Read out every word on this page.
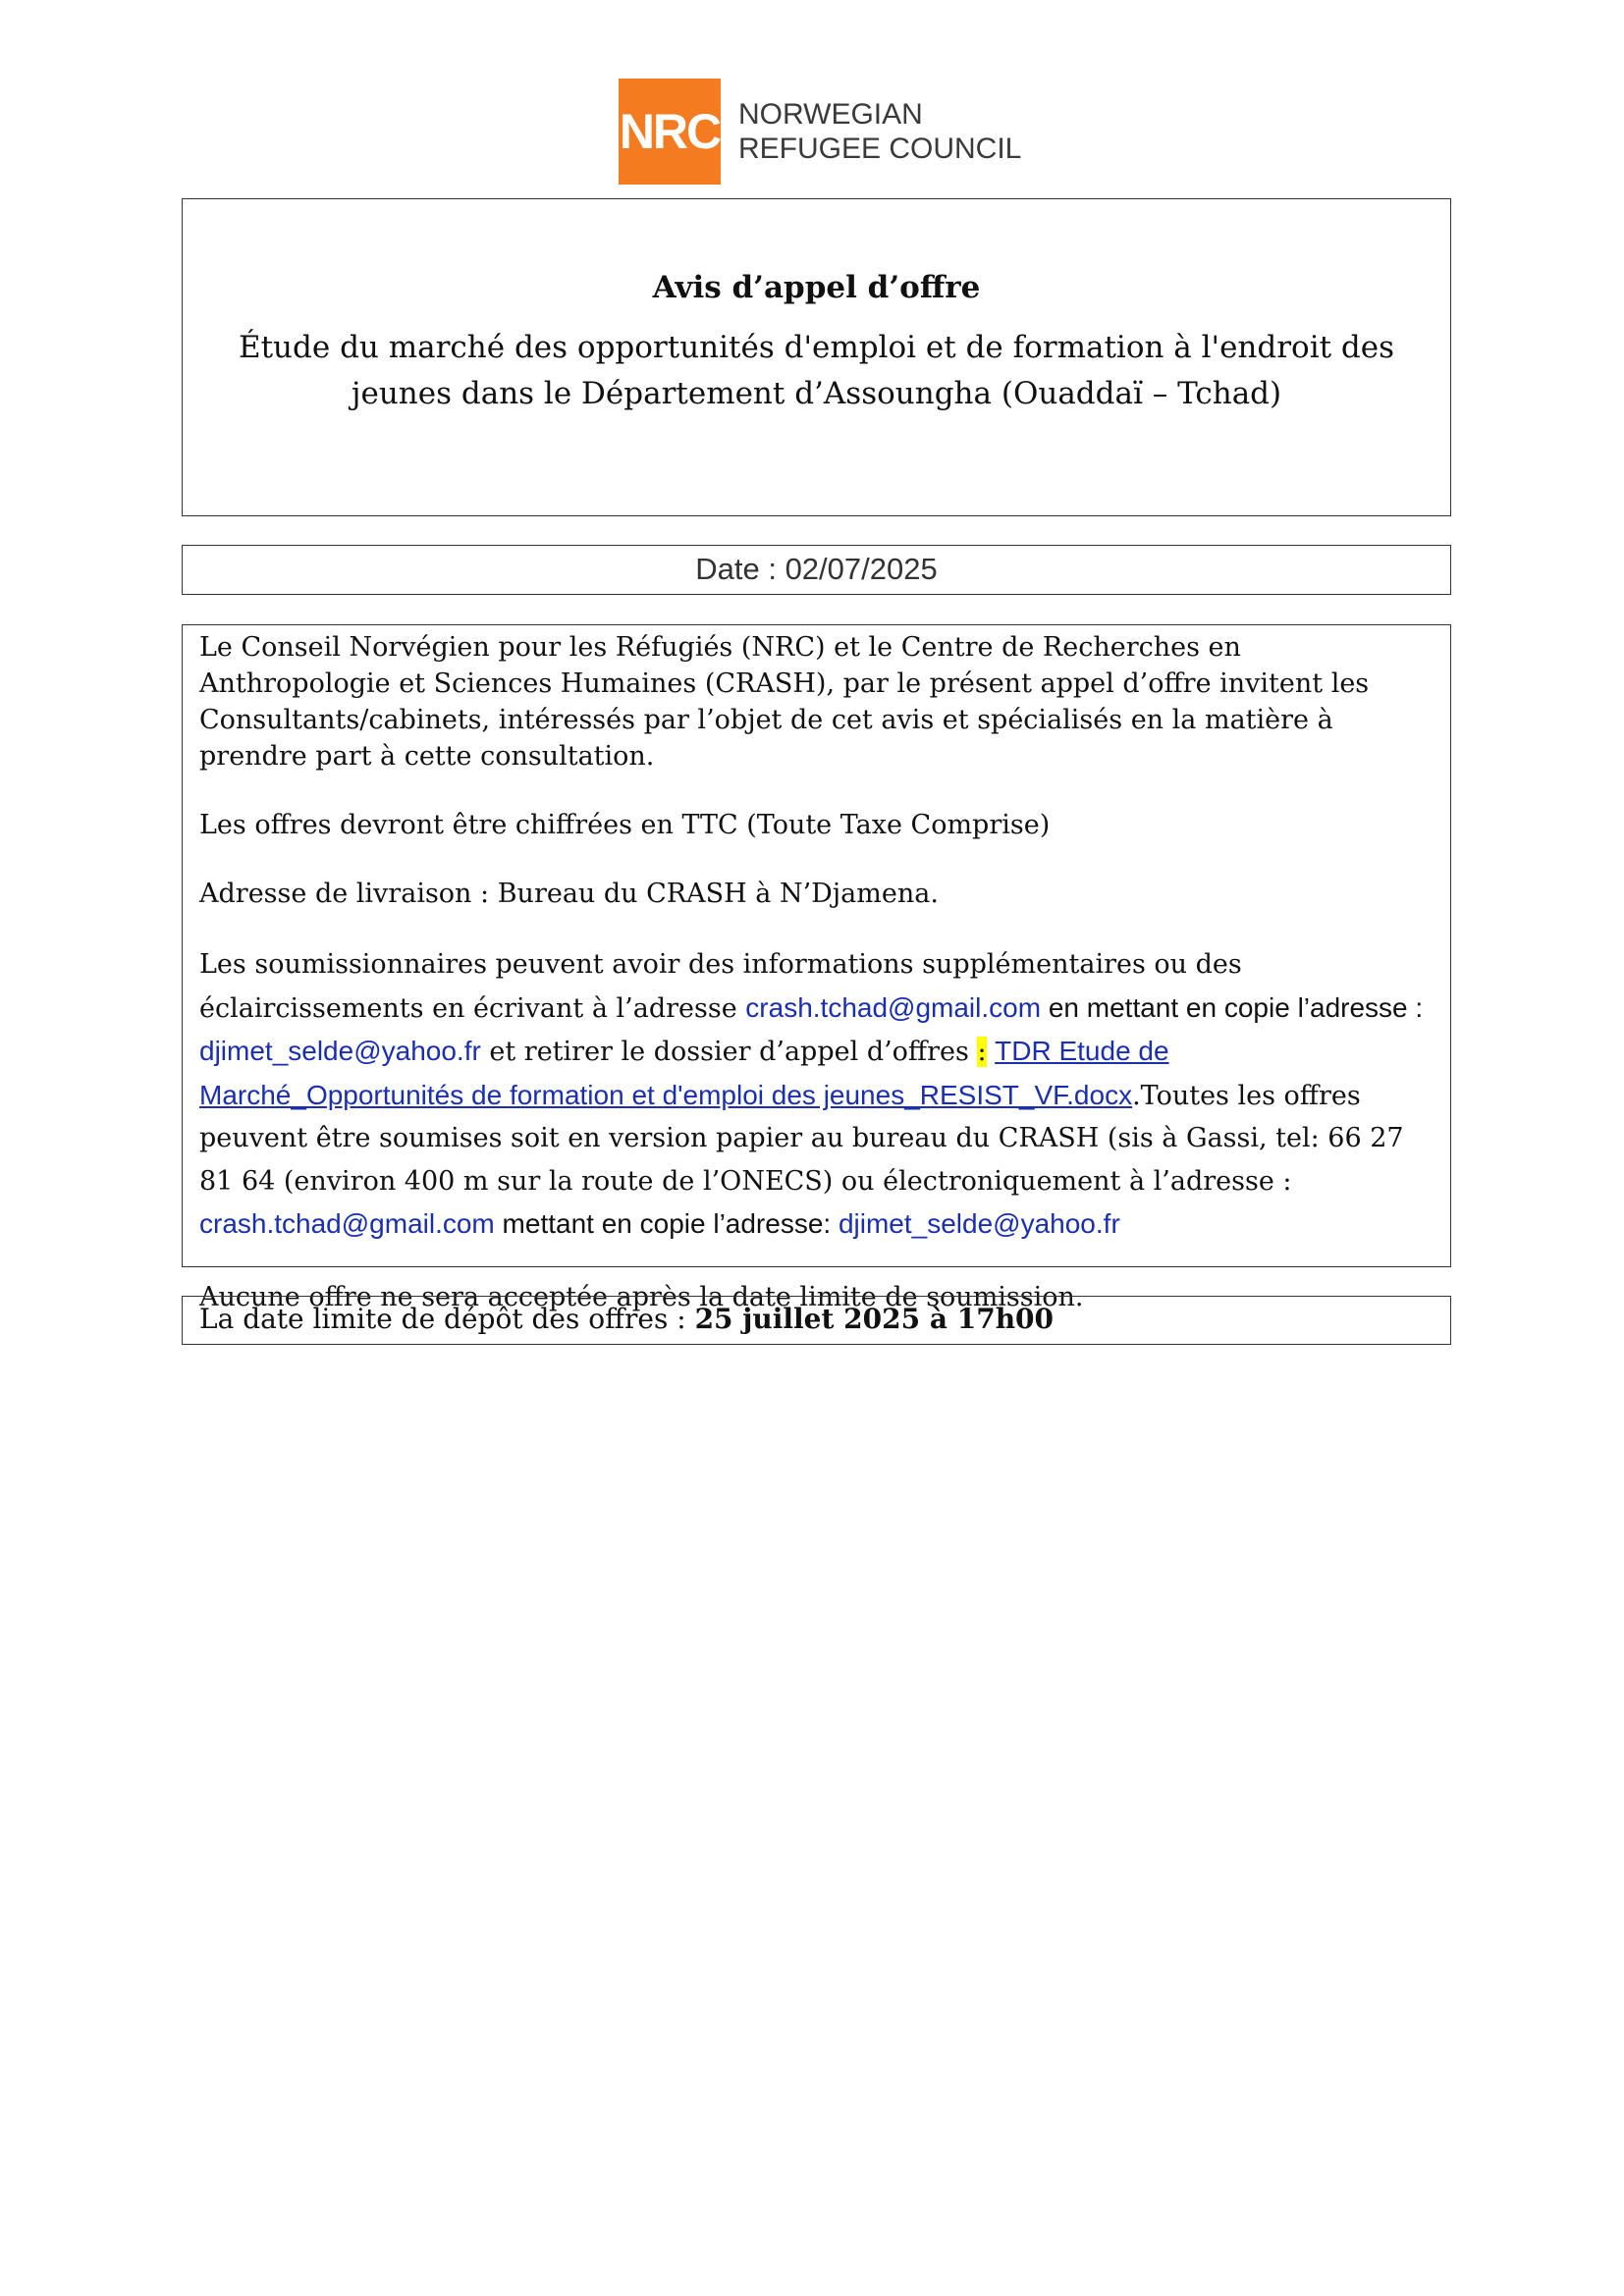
NRC NORWEGIAN
REFUGEE COUNCIL
Avis d’appel d’offre
Étude du marché des opportunités d'emploi et de formation à l'endroit des jeunes dans le Département d’Assoungha (Ouaddaï – Tchad)
Date : 02/07/2025

Le Conseil Norvégien pour les Réfugiés (NRC) et le Centre de Recherches en Anthropologie et Sciences Humaines (CRASH), par le présent appel d’offre invitent les Consultants/cabinets, intéressés par l’objet de cet avis et spécialisés en la matière à prendre part à cette consultation.

Les offres devront être chiffrées en TTC (Toute Taxe Comprise)

Adresse de livraison : Bureau du CRASH à N’Djamena.

Les soumissionnaires peuvent avoir des informations supplémentaires ou des éclaircissements en écrivant à l’adresse crash.tchad@gmail.com en mettant en copie l’adresse : djimet_selde@yahoo.fr et retirer le dossier d’appel d’offres : TDR Etude de Marché_Opportunités de formation et d'emploi des jeunes_RESIST_VF.docx.Toutes les offres peuvent être soumises soit en version papier au bureau du CRASH (sis à Gassi, tel: 66 27 81 64 (environ 400 m sur la route de l’ONECS) ou électroniquement à l’adresse : crash.tchad@gmail.com mettant en copie l’adresse: djimet_selde@yahoo.fr

Aucune offre ne sera acceptée après la date limite de soumission.

La date limite de dépôt des offres : 25 juillet 2025 à 17h00
